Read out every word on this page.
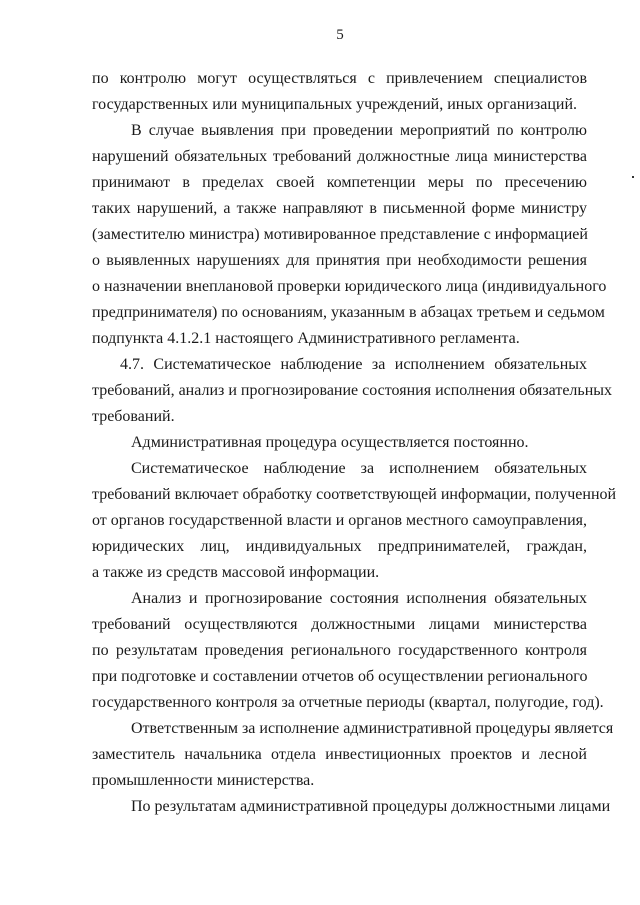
5
по контролю могут осуществляться с привлечением специалистов
государственных или муниципальных учреждений, иных организаций.
В случае выявления при проведении мероприятий по контролю
нарушений обязательных требований должностные лица министерства
принимают в пределах своей компетенции меры по пресечению
таких нарушений, а также направляют в письменной форме министру
(заместителю министра) мотивированное представление с информацией
о выявленных нарушениях для принятия при необходимости решения
о назначении внеплановой проверки юридического лица (индивидуального
предпринимателя) по основаниям, указанным в абзацах третьем и седьмом
подпункта 4.1.2.1 настоящего Административного регламента.
4.7. Систематическое наблюдение за исполнением обязательных
требований, анализ и прогнозирование состояния исполнения обязательных
требований.
Административная процедура осуществляется постоянно.
Систематическое наблюдение за исполнением обязательных
требований включает обработку соответствующей информации, полученной
от органов государственной власти и органов местного самоуправления,
юридических лиц, индивидуальных предпринимателей, граждан,
а также из средств массовой информации.
Анализ и прогнозирование состояния исполнения обязательных
требований осуществляются должностными лицами министерства
по результатам проведения регионального государственного контроля
при подготовке и составлении отчетов об осуществлении регионального
государственного контроля за отчетные периоды (квартал, полугодие, год).
Ответственным за исполнение административной процедуры является
заместитель начальника отдела инвестиционных проектов и лесной
промышленности министерства.
По результатам административной процедуры должностными лицами
